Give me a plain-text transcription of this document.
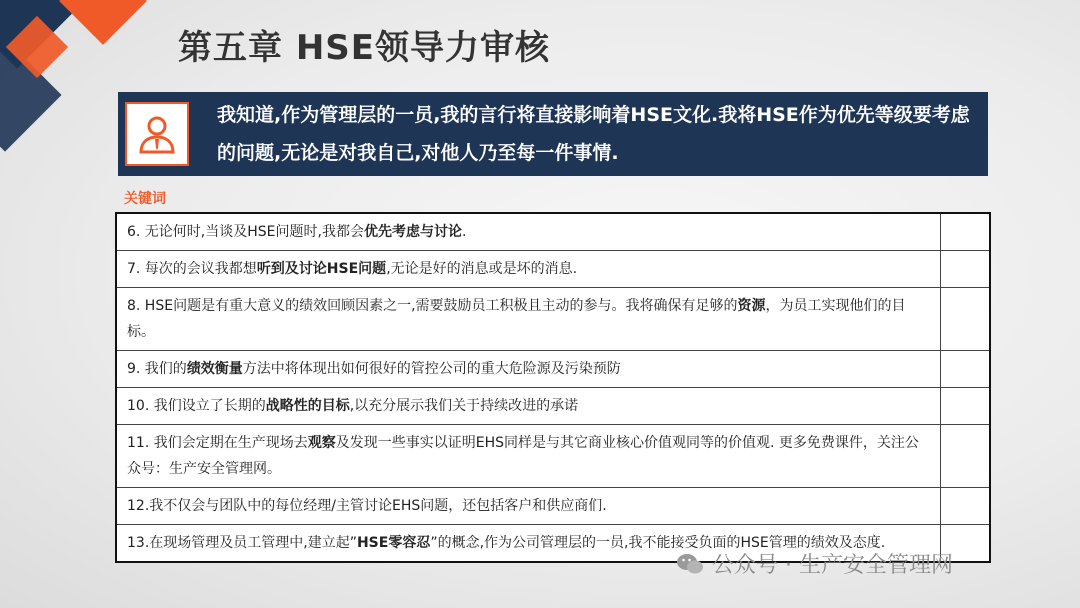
第五章 HSE领导力审核
我知道,作为管理层的一员,我的言行将直接影响着HSE文化.我将HSE作为优先等级要考虑的问题,无论是对我自己,对他人乃至每一件事情.
关键词
6. 无论何时,当谈及HSE问题时,我都会优先考虑与讨论.	
7. 每次的会议我都想听到及讨论HSE问题,无论是好的消息或是坏的消息.	
8. HSE问题是有重大意义的绩效回顾因素之一,需要鼓励员工积极且主动的参与。我将确保有足够的资源，为员工实现他们的目标。	
9. 我们的绩效衡量方法中将体现出如何很好的管控公司的重大危险源及污染预防	
10. 我们设立了长期的战略性的目标,以充分展示我们关于持续改进的承诺	
11. 我们会定期在生产现场去观察及发现一些事实以证明EHS同样是与其它商业核心价值观同等的价值观. 更多免费课件，关注公众号：生产安全管理网。	
12.我不仅会与团队中的每位经理/主管讨论EHS问题，还包括客户和供应商们.	
13.在现场管理及员工管理中,建立起”HSE零容忍”的概念,作为公司管理层的一员,我不能接受负面的HSE管理的绩效及态度.	
公众号 · 生产安全管理网
